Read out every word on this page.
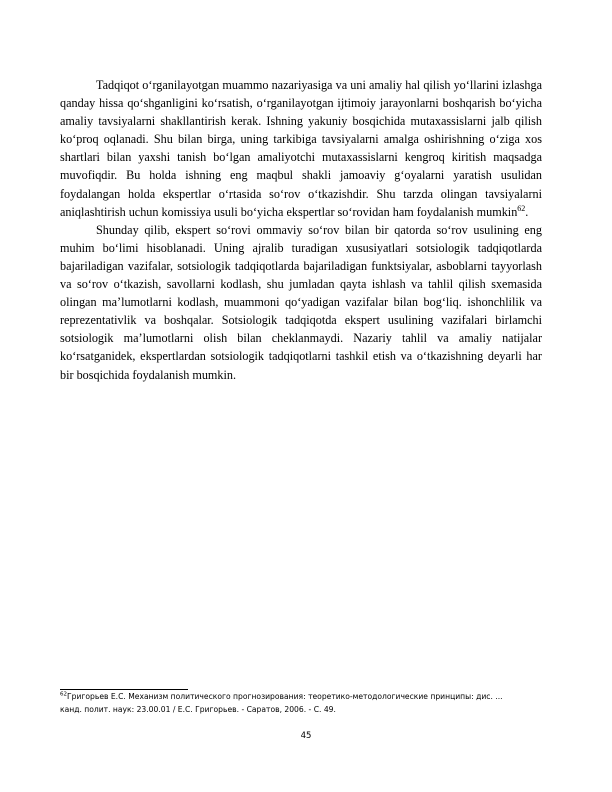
Tadqiqot o‘rganilayotgan muammo nazariyasiga va uni amaliy hal qilish yo‘llarini izlashga qanday hissa qo‘shganligini ko‘rsatish, o‘rganilayotgan ijtimoiy jarayonlarni boshqarish bo‘yicha amaliy tavsiyalarni shakllantirish kerak. Ishning yakuniy bosqichida mutaxassislarni jalb qilish ko‘proq oqlanadi. Shu bilan birga, uning tarkibiga tavsiyalarni amalga oshirishning o‘ziga xos shartlari bilan yaxshi tanish bo‘lgan amaliyotchi mutaxassislarni kengroq kiritish maqsadga muvofiqdir. Bu holda ishning eng maqbul shakli jamoaviy g‘oyalarni yaratish usulidan foydalangan holda ekspertlar o‘rtasida so‘rov o‘tkazishdir. Shu tarzda olingan tavsiyalarni aniqlashtirish uchun komissiya usuli bo‘yicha ekspertlar so‘rovidan ham foydalanish mumkin$^{62}$.

Shunday qilib, ekspert so‘rovi ommaviy so‘rov bilan bir qatorda so‘rov usulining eng muhim bo‘limi hisoblanadi. Uning ajralib turadigan xususiyatlari sotsiologik tadqiqotlarda bajariladigan vazifalar, sotsiologik tadqiqotlarda bajariladigan funktsiyalar, asboblarni tayyorlash va so‘rov o‘tkazish, savollarni kodlash, shu jumladan qayta ishlash va tahlil qilish sxemasida olingan ma’lumotlarni kodlash, muammoni qo‘yadigan vazifalar bilan bog‘liq. ishonchlilik va reprezentativlik va boshqalar. Sotsiologik tadqiqotda ekspert usulining vazifalari birlamchi sotsiologik ma’lumotlarni olish bilan cheklanmaydi. Nazariy tahlil va amaliy natijalar ko‘rsatganidek, ekspertlardan sotsiologik tadqiqotlarni tashkil etish va o‘tkazishning deyarli har bir bosqichida foydalanish mumkin.

$^{62}$Григорьев Е.С. Механизм политического прогнозирования: теоретико-методологические принципы: дис. ...
канд. полит. наук: 23.00.01 / Е.С. Григорьев. - Саратов, 2006. - С. 49.
45
